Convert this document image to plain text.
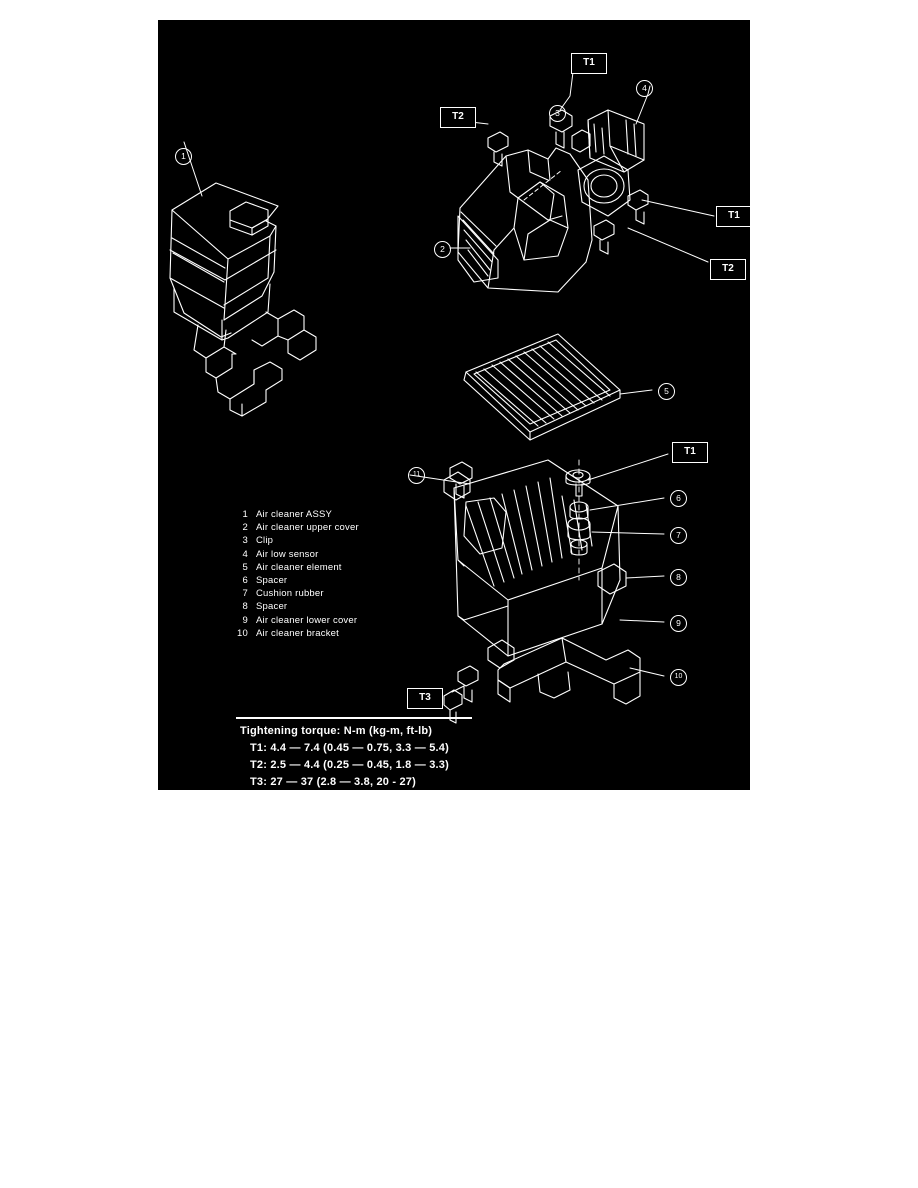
1
2
3
4
5
6
7
8
9
10
11
T1
T2
T1
T2
T1
T3
1 Air cleaner ASSY
2 Air cleaner upper cover
3 Clip
4 Air low sensor
5 Air cleaner element
6 Spacer
7 Cushion rubber
8 Spacer
9 Air cleaner lower cover
10 Air cleaner bracket
Tightening torque: N-m (kg-m, ft-lb)
T1: 4.4 — 7.4 (0.45 — 0.75, 3.3 — 5.4)
T2: 2.5 — 4.4 (0.25 — 0.45, 1.8 — 3.3)
T3: 27 — 37 (2.8 — 3.8, 20 - 27)
